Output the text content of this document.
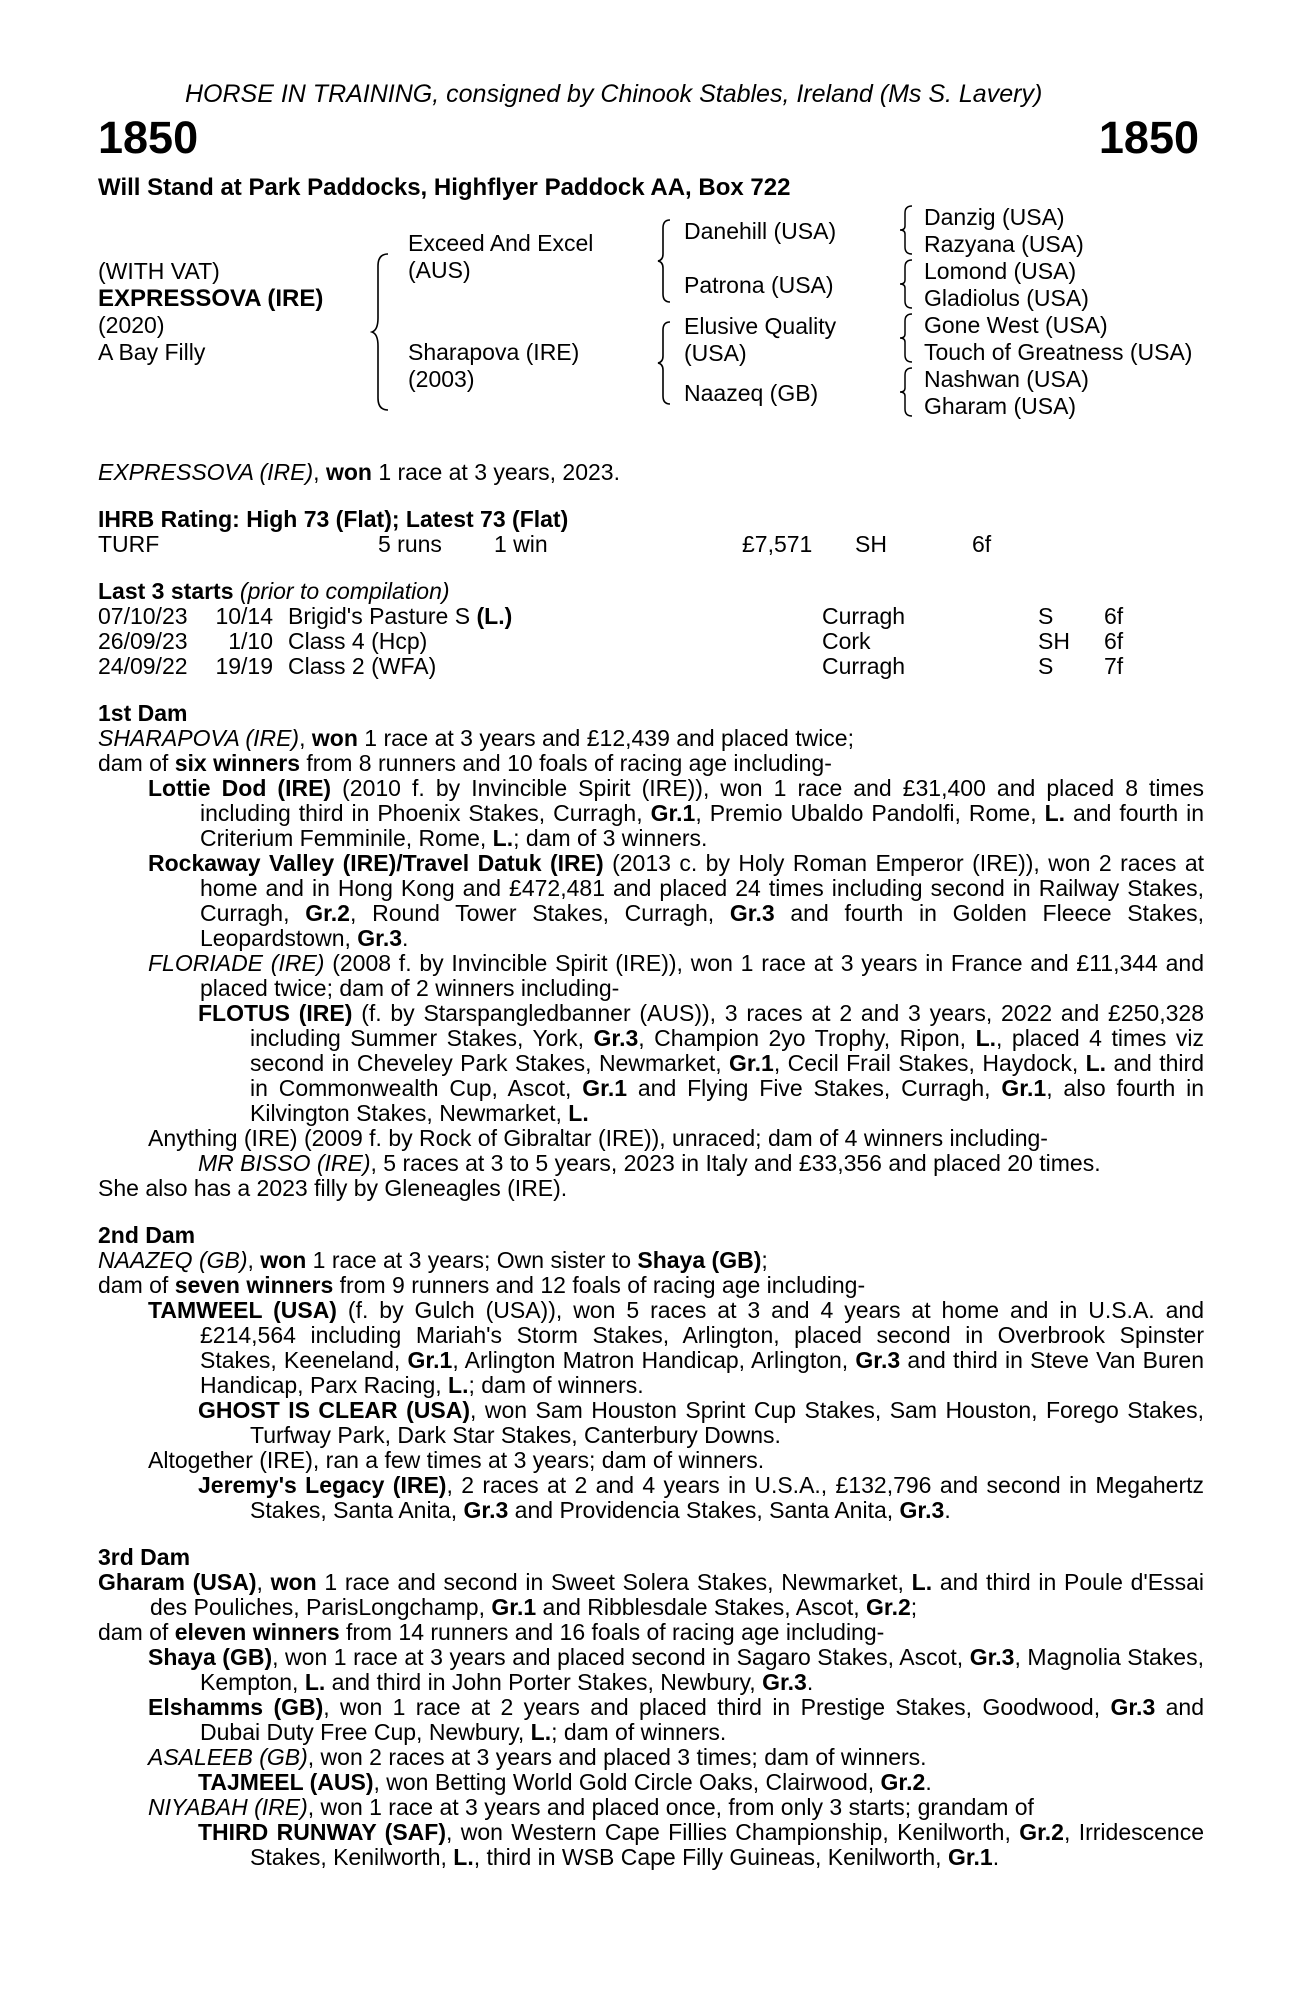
HORSE IN TRAINING, consigned by Chinook Stables, Ireland (Ms S. Lavery)
1850	1850
Will Stand at Park Paddocks, Highflyer Paddock AA, Box 722
(WITH VAT)
EXPRESSOVA (IRE)
(2020)
A Bay Filly
Exceed And Excel
(AUS)
Sharapova (IRE)
(2003)
Danehill (USA)
Patrona (USA)
Elusive Quality
(USA)
Naazeq (GB)
Danzig (USA)
Razyana (USA)
Lomond (USA)
Gladiolus (USA)
Gone West (USA)
Touch of Greatness (USA)
Nashwan (USA)
Gharam (USA)

EXPRESSOVA (IRE), won 1 race at 3 years, 2023.

IHRB Rating: High 73 (Flat); Latest 73 (Flat)

TURF	5 runs 1 win	£7,571 SH	6f

Last 3 starts (prior to compilation)

07/10/23	10/14 Brigid's Pasture S (L.)	Curragh	S 6f
26/09/23	1/10 Class 4 (Hcp)	Cork	SH 6f
24/09/22	19/19 Class 2 (WFA)	Curragh	S 7f

1st Dam

SHARAPOVA (IRE), won 1 race at 3 years and £12,439 and placed twice;

dam of six winners from 8 runners and 10 foals of racing age including-

Lottie Dod (IRE) (2010 f. by Invincible Spirit (IRE)), won 1 race and £31,400 and placed 8 times including third in Phoenix Stakes, Curragh, Gr.1, Premio Ubaldo Pandolfi, Rome, L. and fourth in Criterium Femminile, Rome, L.; dam of 3 winners.

Rockaway Valley (IRE)/Travel Datuk (IRE) (2013 c. by Holy Roman Emperor (IRE)), won 2 races at home and in Hong Kong and £472,481 and placed 24 times including second in Railway Stakes, Curragh, Gr.2, Round Tower Stakes, Curragh, Gr.3 and fourth in Golden Fleece Stakes, Leopardstown, Gr.3.

FLORIADE (IRE) (2008 f. by Invincible Spirit (IRE)), won 1 race at 3 years in France and £11,344 and placed twice; dam of 2 winners including-

FLOTUS (IRE) (f. by Starspangledbanner (AUS)), 3 races at 2 and 3 years, 2022 and £250,328 including Summer Stakes, York, Gr.3, Champion 2yo Trophy, Ripon, L., placed 4 times viz second in Cheveley Park Stakes, Newmarket, Gr.1, Cecil Frail Stakes, Haydock, L. and third in Commonwealth Cup, Ascot, Gr.1 and Flying Five Stakes, Curragh, Gr.1, also fourth in Kilvington Stakes, Newmarket, L.

Anything (IRE) (2009 f. by Rock of Gibraltar (IRE)), unraced; dam of 4 winners including-

MR BISSO (IRE), 5 races at 3 to 5 years, 2023 in Italy and £33,356 and placed 20 times.

She also has a 2023 filly by Gleneagles (IRE).

2nd Dam

NAAZEQ (GB), won 1 race at 3 years; Own sister to Shaya (GB);

dam of seven winners from 9 runners and 12 foals of racing age including-

TAMWEEL (USA) (f. by Gulch (USA)), won 5 races at 3 and 4 years at home and in U.S.A. and £214,564 including Mariah's Storm Stakes, Arlington, placed second in Overbrook Spinster Stakes, Keeneland, Gr.1, Arlington Matron Handicap, Arlington, Gr.3 and third in Steve Van Buren Handicap, Parx Racing, L.; dam of winners.

GHOST IS CLEAR (USA), won Sam Houston Sprint Cup Stakes, Sam Houston, Forego Stakes, Turfway Park, Dark Star Stakes, Canterbury Downs.

Altogether (IRE), ran a few times at 3 years; dam of winners.

Jeremy's Legacy (IRE), 2 races at 2 and 4 years in U.S.A., £132,796 and second in Megahertz Stakes, Santa Anita, Gr.3 and Providencia Stakes, Santa Anita, Gr.3.

3rd Dam

Gharam (USA), won 1 race and second in Sweet Solera Stakes, Newmarket, L. and third in Poule d'Essai des Pouliches, ParisLongchamp, Gr.1 and Ribblesdale Stakes, Ascot, Gr.2;

dam of eleven winners from 14 runners and 16 foals of racing age including-

Shaya (GB), won 1 race at 3 years and placed second in Sagaro Stakes, Ascot, Gr.3, Magnolia Stakes, Kempton, L. and third in John Porter Stakes, Newbury, Gr.3.

Elshamms (GB), won 1 race at 2 years and placed third in Prestige Stakes, Goodwood, Gr.3 and Dubai Duty Free Cup, Newbury, L.; dam of winners.

ASALEEB (GB), won 2 races at 3 years and placed 3 times; dam of winners.

TAJMEEL (AUS), won Betting World Gold Circle Oaks, Clairwood, Gr.2.

NIYABAH (IRE), won 1 race at 3 years and placed once, from only 3 starts; grandam of

THIRD RUNWAY (SAF), won Western Cape Fillies Championship, Kenilworth, Gr.2, Irridescence Stakes, Kenilworth, L., third in WSB Cape Filly Guineas, Kenilworth, Gr.1.
